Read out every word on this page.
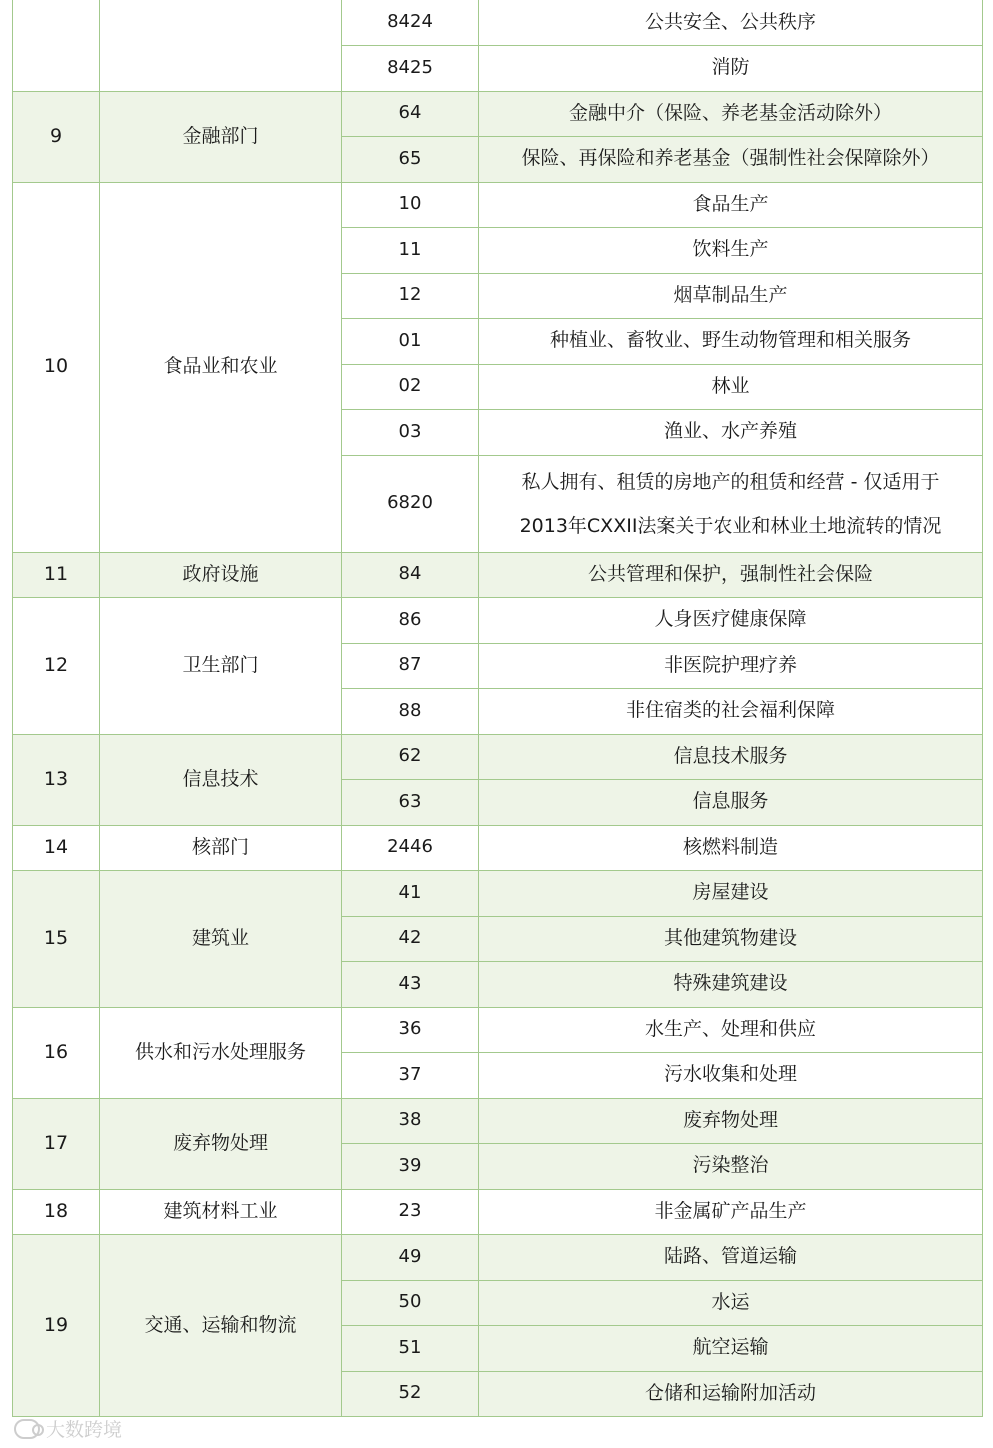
		8424	公共安全、公共秩序
		8425	消防
9	金融部门	64	金融中介（保险、养老基金活动除外）
		65	保险、再保险和养老基金（强制性社会保障除外）
10	食品业和农业	10	食品生产
		11	饮料生产
		12	烟草制品生产
		01	种植业、畜牧业、野生动物管理和相关服务
		02	林业
		03	渔业、水产养殖
		6820	私人拥有、租赁的房地产的租赁和经营 - 仅适用于
2013年CXXII法案关于农业和林业土地流转的情况

11	政府设施	84	公共管理和保护，强制性社会保险
12	卫生部门	86	人身医疗健康保障
		87	非医院护理疗养
		88	非住宿类的社会福利保障
13	信息技术	62	信息技术服务
		63	信息服务
14	核部门	2446	核燃料制造
15	建筑业	41	房屋建设
		42	其他建筑物建设
		43	特殊建筑建设
16	供水和污水处理服务	36	水生产、处理和供应
		37	污水收集和处理
17	废弃物处理	38	废弃物处理
		39	污染整治
18	建筑材料工业	23	非金属矿产品生产
19	交通、运输和物流	49	陆路、管道运输
		50	水运
		51	航空运输
		52	仓储和运输附加活动
大数跨境
